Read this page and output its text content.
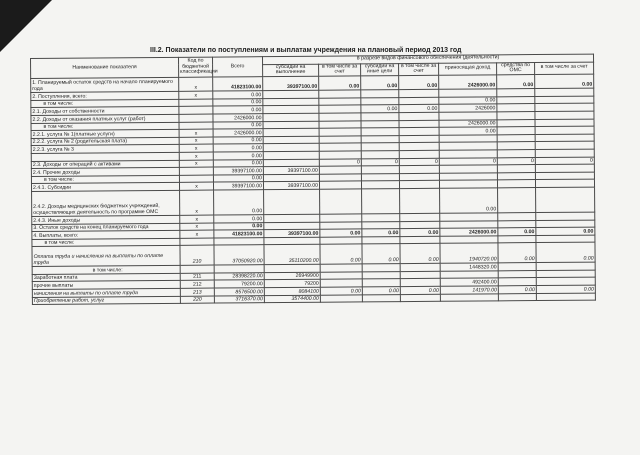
III.2. Показатели по поступлениям и выплатам учреждения на плановый период 2013 год
Наименование показателя	Код по бюджетной классификации	Всего	в разрезе видов финансового обеспечения (деятельности)						
			субсидии на выполнение	в том числе за счет	субсидии на иные цели	в том числе за счет	приносящая доход	средства по ОМС	в том числе за счет

1. Планируемый остаток средств на начало планируемого года	x	41823100.00	39397100.00	0.00	0.00	0.00	2426000.00	0.00	0.00
2. Поступления, всего:	x	0.00							
в том числе:		0.00					0.00		
2.1. Доходы от собственности		0.00			0.00	0.00	2426000		
2.2. Доходы от оказания платных услуг (работ)		2426000.00							
в том числе:		0.00					2426000.00		
2.2.1. услуга № 1(платные услуги)	x	2426000.00					0.00		
2.2.2. услуга № 2 (родительская плата)	x	0.00							
2.2.3. услуга № 3	x	0.00							
	x	0.00							
2.3. Доходы от операций с активами	x	0.00		0	0	0	0	0	0
2.4. Прочие доходы		39397100.00	39397100.00						
в том числе:		0.00							
2.4.1. Субсидии	x	39397100.00	39397100.00						
2.4.2. Доходы медицинских бюджетных учреждений, осуществляющих деятельность по программе ОМС	x	0.00					0.00		
2.4.3. Иные доходы	x	0.00							
3. Остаток средств на конец планируемого года	x	0.00							
4. Выплаты, всего:	x	41823100.00	39397100.00	0.00	0.00	0.00	2426000.00	0.00	0.00
в том числе:									
Оплата труда и начисления на выплаты по оплате труда	210	37050920.00	35110200.00	0.00	0.00	0.00	1940720.00	0.00	0.00
в том числе:							1448320.00		
Заработная плата	211	28398220.00	26949900						
прочие выплаты	212	79200.00	79200				492400.00		
начисления на выплаты по оплате труда	213	8576500.00	8084100	0.00	0.00	0.00	141970.00	0.00	0.00
Приобретение работ, услуг	220	3716370.00	3574400.00						
